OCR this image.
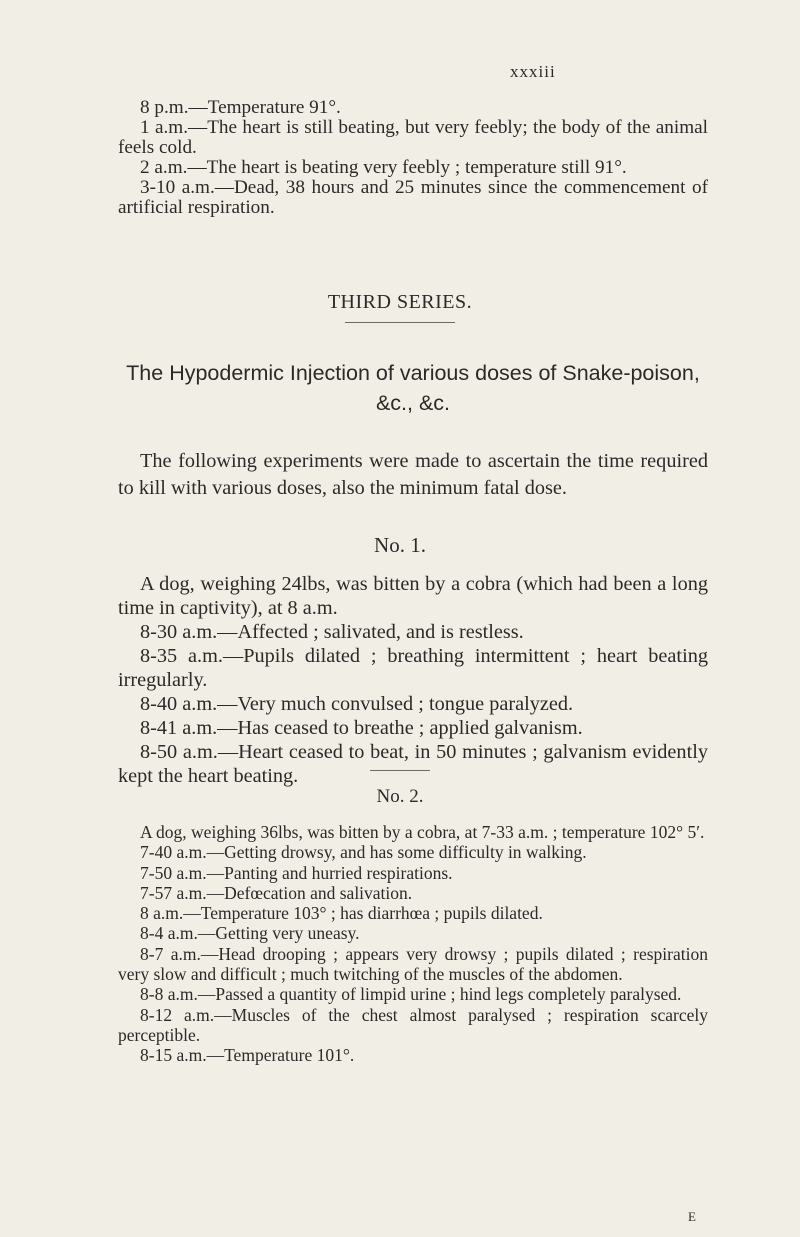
xxxiii

8 p.m.—Temperature 91°.

1 a.m.—The heart is still beating, but very feebly; the body of the animal feels cold.

2 a.m.—The heart is beating very feebly ; temperature still 91°.

3-10 a.m.—Dead, 38 hours and 25 minutes since the commencement of artificial respiration.

THIRD SERIES.
The Hypodermic Injection of various doses of Snake-poison, &c., &c.

The following experiments were made to ascertain the time required to kill with various doses, also the minimum fatal dose.

No. 1.

A dog, weighing 24lbs, was bitten by a cobra (which had been a long time in captivity), at 8 a.m.

8-30 a.m.—Affected ; salivated, and is restless.

8-35 a.m.—Pupils dilated ; breathing intermittent ; heart beating irregularly.

8-40 a.m.—Very much convulsed ; tongue paralyzed.

8-41 a.m.—Has ceased to breathe ; applied galvanism.

8-50 a.m.—Heart ceased to beat, in 50 minutes ; galvanism evidently kept the heart beating.

No. 2.

A dog, weighing 36lbs, was bitten by a cobra, at 7-33 a.m. ; temperature 102° 5′.

7-40 a.m.—Getting drowsy, and has some difficulty in walking.

7-50 a.m.—Panting and hurried respirations.

7-57 a.m.—Defœcation and salivation.

8 a.m.—Temperature 103° ; has diarrhœa ; pupils dilated.

8-4 a.m.—Getting very uneasy.

8-7 a.m.—Head drooping ; appears very drowsy ; pupils dilated ; respiration very slow and difficult ; much twitching of the muscles of the abdomen.

8-8 a.m.—Passed a quantity of limpid urine ; hind legs completely paralysed.

8-12 a.m.—Muscles of the chest almost paralysed ; respiration scarcely perceptible.

8-15 a.m.—Temperature 101°.

E
